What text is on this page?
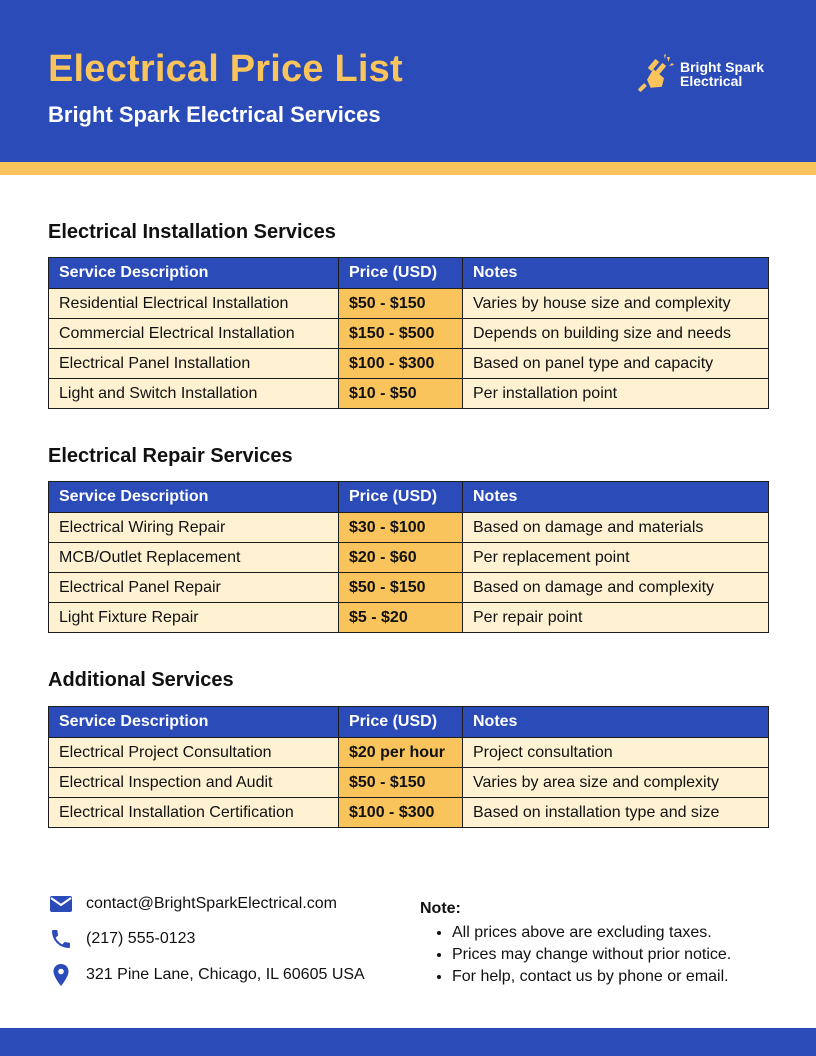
Electrical Price List
Bright Spark Electrical Services
Bright Spark
Electrical
Electrical Installation Services
Service Description	Price (USD)	Notes
Residential Electrical Installation	$50 - $150	Varies by house size and complexity
Commercial Electrical Installation	$150 - $500	Depends on building size and needs
Electrical Panel Installation	$100 - $300	Based on panel type and capacity
Light and Switch Installation	$10 - $50	Per installation point
Electrical Repair Services
Service Description	Price (USD)	Notes
Electrical Wiring Repair	$30 - $100	Based on damage and materials
MCB/Outlet Replacement	$20 - $60	Per replacement point
Electrical Panel Repair	$50 - $150	Based on damage and complexity
Light Fixture Repair	$5 - $20	Per repair point
Additional Services
Service Description	Price (USD)	Notes
Electrical Project Consultation	$20 per hour	Project consultation
Electrical Inspection and Audit	$50 - $150	Varies by area size and complexity
Electrical Installation Certification	$100 - $300	Based on installation type and size
contact@BrightSparkElectrical.com
(217) 555-0123
321 Pine Lane, Chicago, IL 60605 USA

Note:

• All prices above are excluding taxes.
• Prices may change without prior notice.
• For help, contact us by phone or email.
